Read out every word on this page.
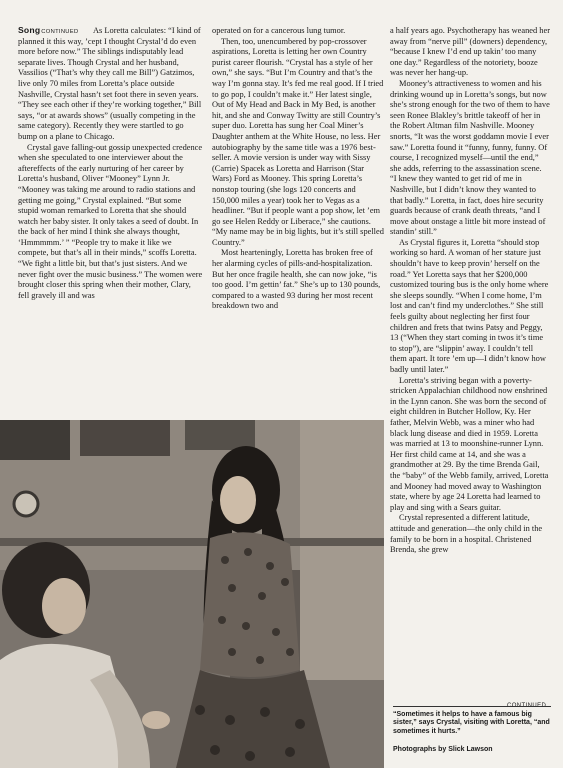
SongCONTINUED	As Loretta calculates: “I kind of planned it this way, ’cept I thought Crystal’d do even more before now.” The siblings indisputably lead separate lives. Though Crystal and her husband, Vassilios (“That’s why they call me Bill”) Gatzimos, live only 70 miles from Loretta’s place outside Nashville, Crystal hasn’t set foot there in seven years. “They see each other if they’re working together,” Bill says, “or at awards shows” (usually competing in the same category). Recently they were startled to go bump on a plane to Chicago.

Crystal gave falling-out gossip unexpected credence when she speculated to one interviewer about the aftereffects of the early nurturing of her career by Loretta’s husband, Oliver “Mooney” Lynn Jr. “Mooney was taking me around to radio stations and getting me going,” Crystal explained. “But some stupid woman remarked to Loretta that she should watch her baby sister. It only takes a seed of doubt. In the back of her mind I think she always thought, ‘Hmmmmm.’ ” “People try to make it like we compete, but that’s all in their minds,” scoffs Loretta. “We fight a little bit, but that’s just sisters. And we never fight over the music business.” The women were brought closer this spring when their mother, Clary, fell gravely ill and was

operated on for a cancerous lung tumor.

Then, too, unencumbered by pop-crossover aspirations, Loretta is letting her own Country purist career flourish. “Crystal has a style of her own,” she says. “But I’m Country and that’s the way I’m gonna stay. It’s fed me real good. If I tried to go pop, I couldn’t make it.” Her latest single, Out of My Head and Back in My Bed, is another hit, and she and Conway Twitty are still Country’s super duo. Loretta has sung her Coal Miner’s Daughter anthem at the White House, no less. Her autobiography by the same title was a 1976 best-seller. A movie version is under way with Sissy (Carrie) Spacek as Loretta and Harrison (Star Wars) Ford as Mooney. This spring Loretta’s nonstop touring (she logs 120 concerts and 150,000 miles a year) took her to Vegas as a headliner. “But if people want a pop show, let ’em go see Helen Reddy or Liberace,” she cautions. “My name may be in big lights, but it’s still spelled Country.”

Most hearteningly, Loretta has broken free of her alarming cycles of pills-and-hospitalization. But her once fragile health, she can now joke, “is too good. I’m gettin’ fat.” She’s up to 130 pounds, compared to a wasted 93 during her most recent breakdown two and

a half years ago. Psychotherapy has weaned her away from “nerve pill” (downers) dependency, “because I knew I’d end up takin’ too many one day.” Regardless of the notoriety, booze was never her hang-up.

Mooney’s attractiveness to women and his drinking wound up in Loretta’s songs, but now she’s strong enough for the two of them to have seen Ronee Blakley’s brittle takeoff of her in the Robert Altman film Nashville. Mooney snorts, “It was the worst goddamn movie I ever saw.” Loretta found it “funny, funny, funny. Of course, I recognized myself—until the end,” she adds, referring to the assassination scene. “I knew they wanted to get rid of me in Nashville, but I didn’t know they wanted to that badly.” Loretta, in fact, does hire security guards because of crank death threats, “and I move about onstage a little bit more instead of standin’ still.”

As Crystal figures it, Loretta “should stop working so hard. A woman of her stature just shouldn’t have to keep provin’ herself on the road.” Yet Loretta says that her $200,000 customized touring bus is the only home where she sleeps soundly. “When I come home, I’m lost and can’t find my underclothes.” She still feels guilty about neglecting her first four children and frets that twins Patsy and Peggy, 13 (“When they start coming in twos it’s time to stop”), are “slippin’ away. I couldn’t tell them apart. It tore ’em up—I didn’t know how badly until later.”

Loretta’s striving began with a poverty-stricken Appalachian childhood now enshrined in the Lynn canon. She was born the second of eight children in Butcher Hollow, Ky. Her father, Melvin Webb, was a miner who had black lung disease and died in 1959. Loretta was married at 13 to moonshine-runner Lynn. Her first child came at 14, and she was a grandmother at 29. By the time Brenda Gail, the “baby” of the Webb family, arrived, Loretta and Mooney had moved away to Washington state, where by age 24 Loretta had learned to play and sing with a Sears guitar.

Crystal represented a different latitude, attitude and generation—the only child in the family to be born in a hospital. Christened Brenda, she grew

CONTINUED
“Sometimes it helps to have a famous big sister,” says Crystal, visiting with Loretta, “and sometimes it hurts.”
Photographs by Slick Lawson
